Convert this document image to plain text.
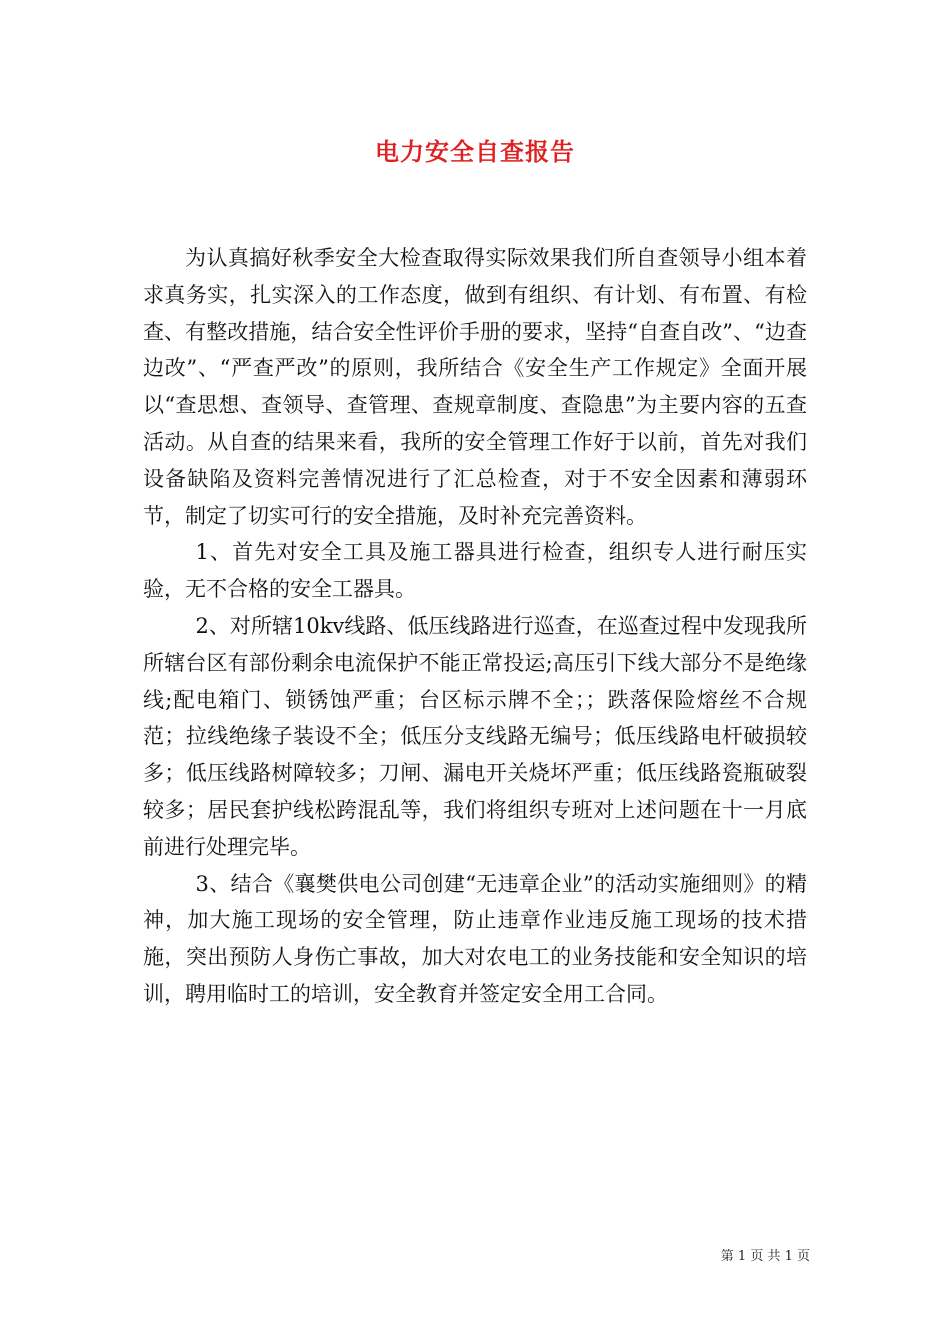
电力安全自查报告

为认真搞好秋季安全大检查取得实际效果我们所自查领导小组本着求真务实，扎实深入的工作态度，做到有组织、有计划、有布置、有检查、有整改措施，结合安全性评价手册的要求，坚持“自查自改”、“边查边改”、“严查严改”的原则，我所结合《安全生产工作规定》全面开展以“查思想、查领导、查管理、查规章制度、查隐患”为主要内容的五查活动。从自查的结果来看，我所的安全管理工作好于以前，首先对我们设备缺陷及资料完善情况进行了汇总检查，对于不安全因素和薄弱环节，制定了切实可行的安全措施，及时补充完善资料。

1、首先对安全工具及施工器具进行检查，组织专人进行耐压实验，无不合格的安全工器具。

2、对所辖10kv线路、低压线路进行巡查，在巡查过程中发现我所所辖台区有部份剩余电流保护不能正常投运;高压引下线大部分不是绝缘线;配电箱门、锁锈蚀严重；台区标示牌不全；；跌落保险熔丝不合规范；拉线绝缘子装设不全；低压分支线路无编号；低压线路电杆破损较多；低压线路树障较多；刀闸、漏电开关烧坏严重；低压线路瓷瓶破裂较多；居民套护线松跨混乱等，我们将组织专班对上述问题在十一月底前进行处理完毕。

3、结合《襄樊供电公司创建“无违章企业”的活动实施细则》的精神，加大施工现场的安全管理，防止违章作业违反施工现场的技术措施，突出预防人身伤亡事故，加大对农电工的业务技能和安全知识的培训，聘用临时工的培训，安全教育并签定安全用工合同。

第 1 页 共 1 页
